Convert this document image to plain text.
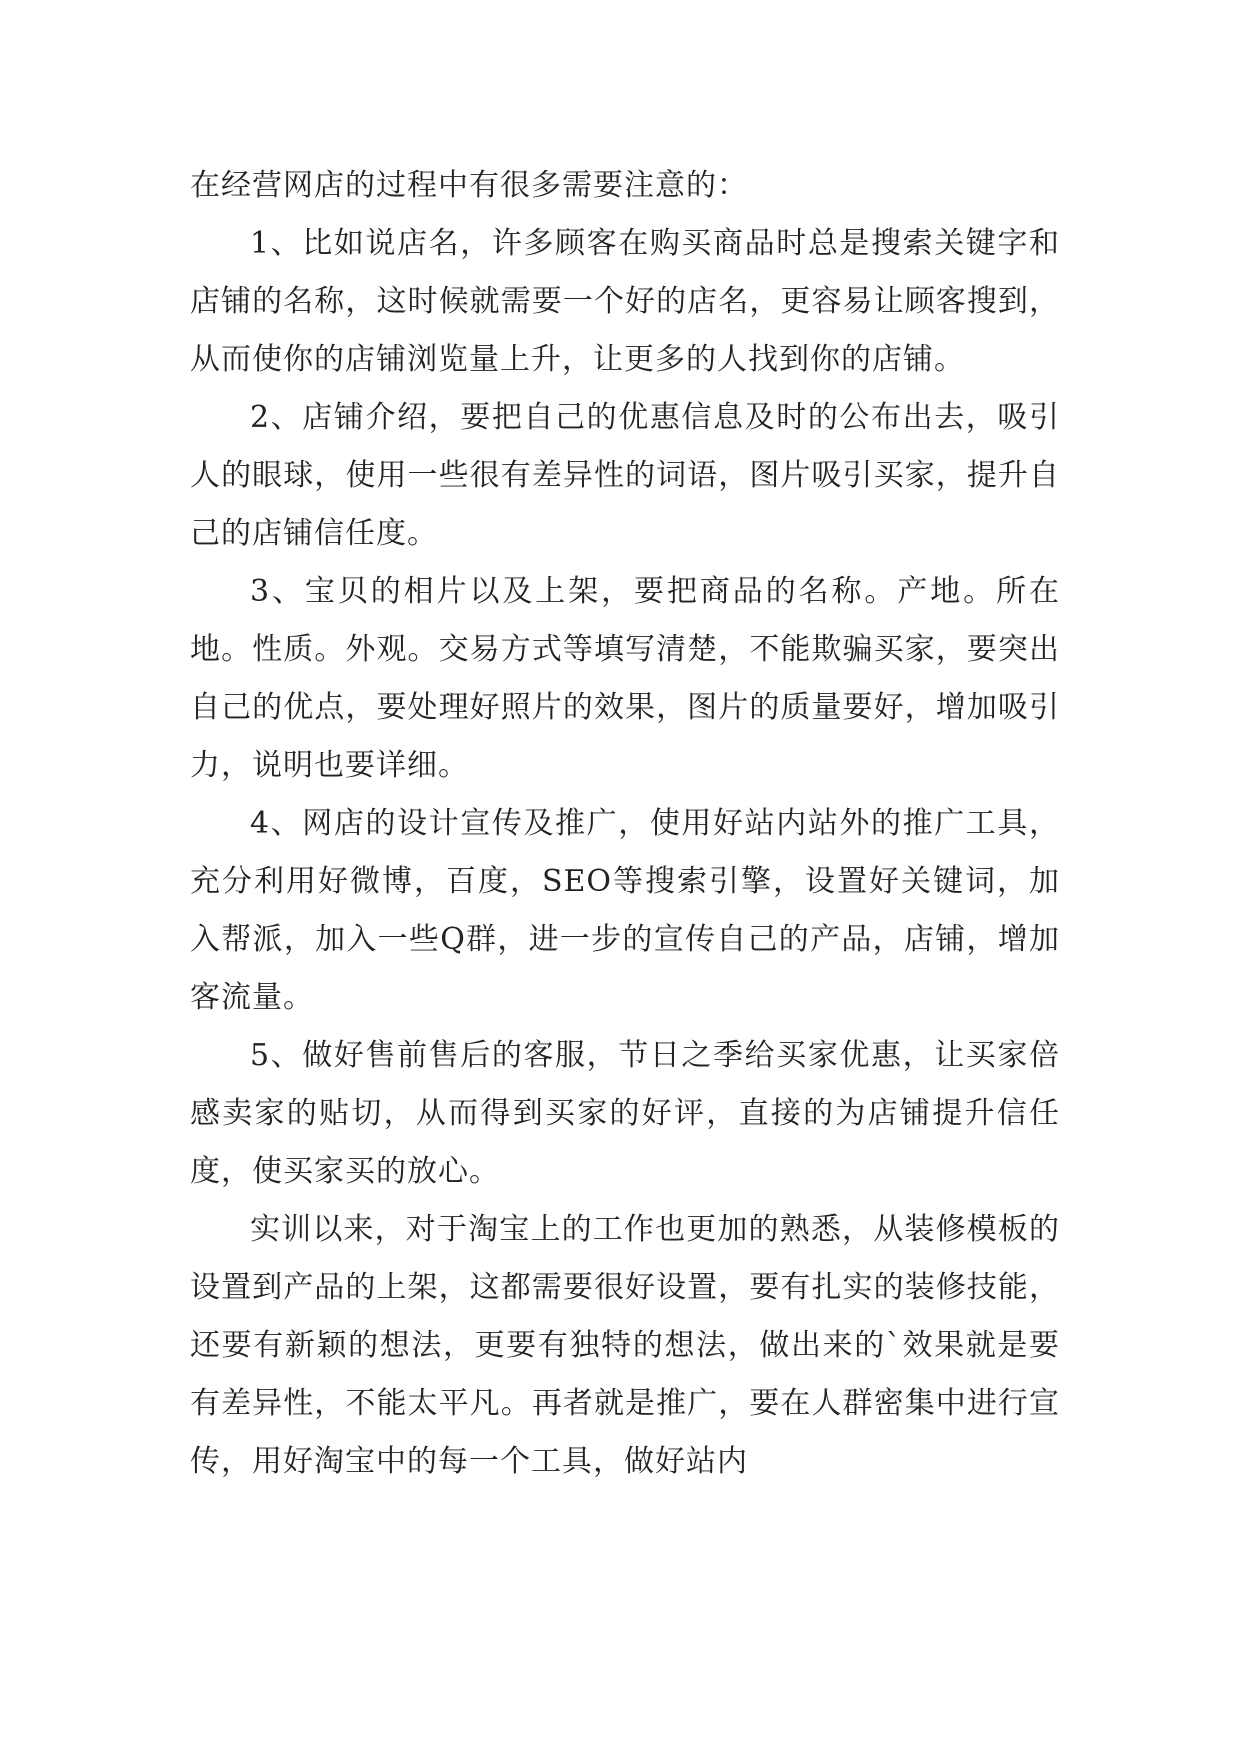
在经营网店的过程中有很多需要注意的：

1、比如说店名，许多顾客在购买商品时总是搜索关键字和店铺的名称，这时候就需要一个好的店名，更容易让顾客搜到，从而使你的店铺浏览量上升，让更多的人找到你的店铺。

2、店铺介绍，要把自己的优惠信息及时的公布出去，吸引人的眼球，使用一些很有差异性的词语，图片吸引买家，提升自己的店铺信任度。

3、宝贝的相片以及上架，要把商品的名称。产地。所在地。性质。外观。交易方式等填写清楚，不能欺骗买家，要突出自己的优点，要处理好照片的效果，图片的质量要好，增加吸引力，说明也要详细。

4、网店的设计宣传及推广，使用好站内站外的推广工具，充分利用好微博，百度，SEO等搜索引擎，设置好关键词，加入帮派，加入一些Q群，进一步的宣传自己的产品，店铺，增加客流量。

5、做好售前售后的客服，节日之季给买家优惠，让买家倍感卖家的贴切，从而得到买家的好评，直接的为店铺提升信任度，使买家买的放心。

实训以来，对于淘宝上的工作也更加的熟悉，从装修模板的设置到产品的上架，这都需要很好设置，要有扎实的装修技能，还要有新颖的想法，更要有独特的想法，做出来的`效果就是要有差异性，不能太平凡。再者就是推广，要在人群密集中进行宣传，用好淘宝中的每一个工具，做好站内
